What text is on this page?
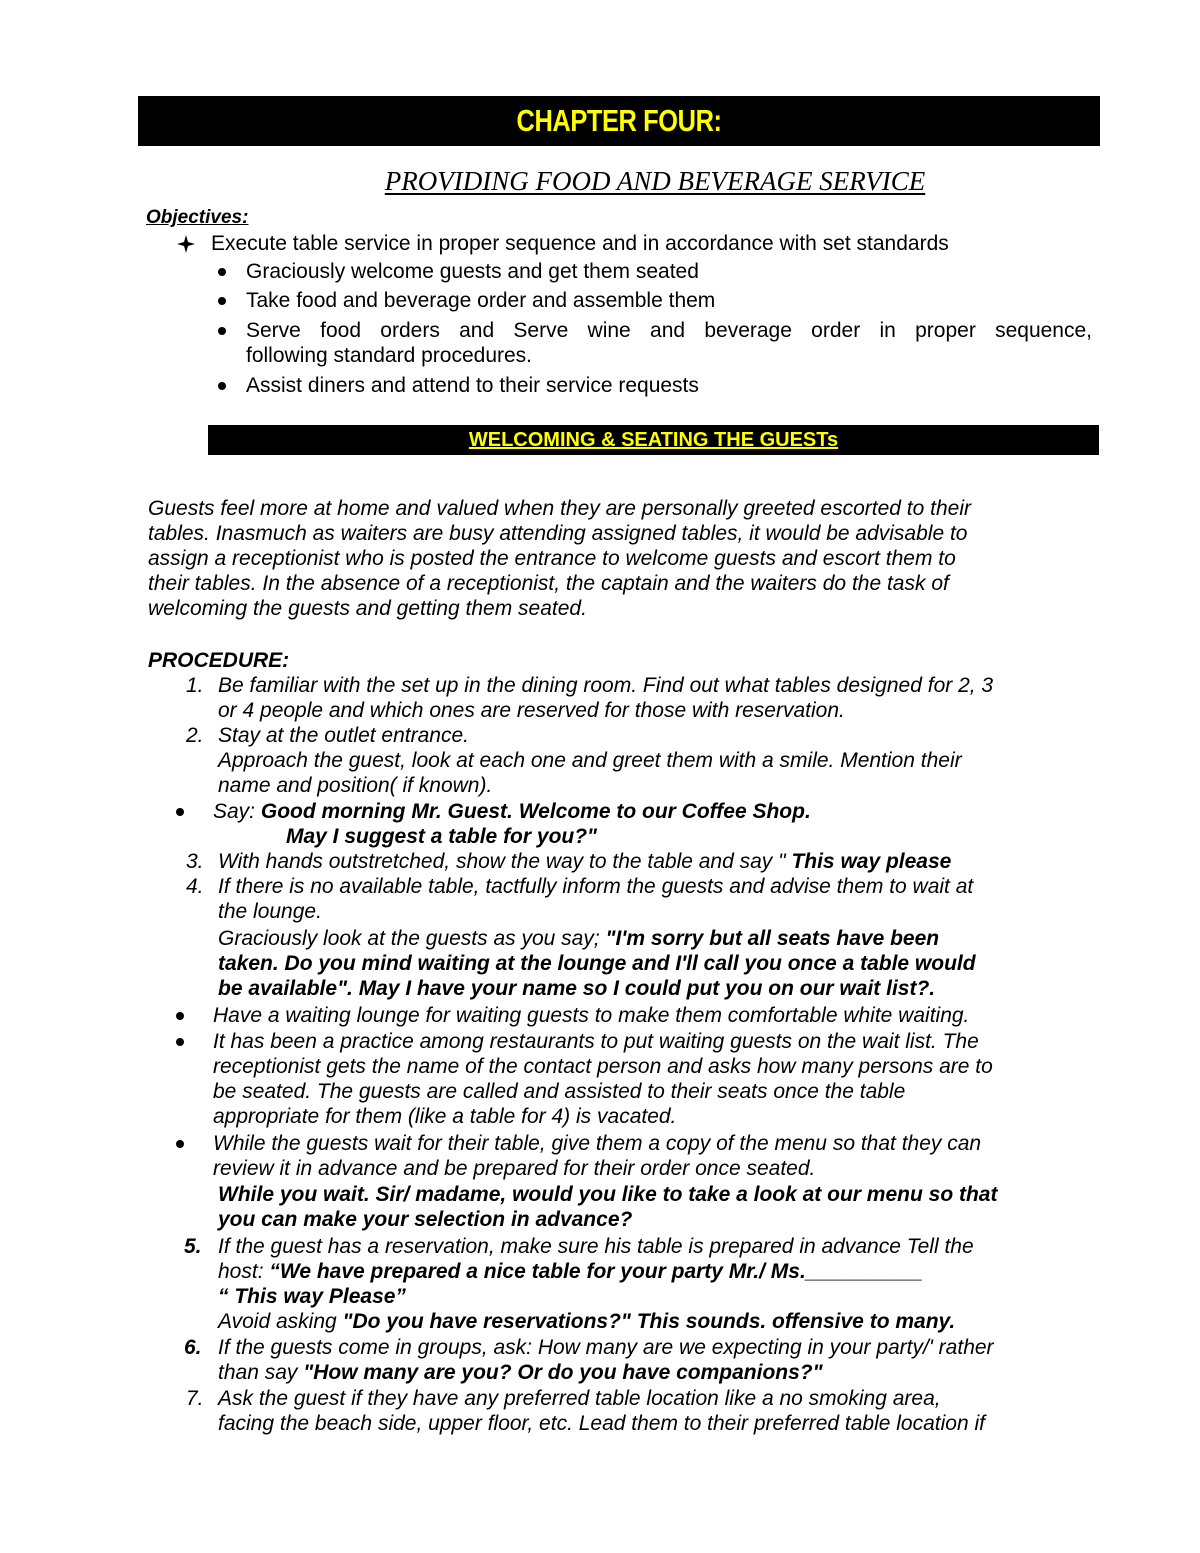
CHAPTER FOUR:
PROVIDING FOOD AND BEVERAGE SERVICE
Objectives:
Execute table service in proper sequence and in accordance with set standards
Graciously welcome guests and get them seated
Take food and beverage order and assemble them
Serve food orders and Serve wine and beverage order in proper sequence,
following standard procedures.
Assist diners and attend to their service requests
WELCOMING & SEATING THE GUESTs
Guests feel more at home and valued when they are personally greeted escorted to their
tables. Inasmuch as waiters are busy attending assigned tables, it would be advisable to
assign a receptionist who is posted the entrance to welcome guests and escort them to
their tables. In the absence of a receptionist, the captain and the waiters do the task of
welcoming the guests and getting them seated.
PROCEDURE:
1. Be familiar with the set up in the dining room. Find out what tables designed for 2, 3
or 4 people and which ones are reserved for those with reservation.
2. Stay at the outlet entrance.
Approach the guest, look at each one and greet them with a smile. Mention their
name and position( if known).
Say: Good morning Mr. Guest. Welcome to our Coffee Shop.
May I suggest a table for you?"
3. With hands outstretched, show the way to the table and say " This way please
4. If there is no available table, tactfully inform the guests and advise them to wait at
the lounge.
Graciously look at the guests as you say; "I'm sorry but all seats have been
taken. Do you mind waiting at the lounge and I'll call you once a table would
be available". May I have your name so I could put you on our wait list?.
Have a waiting lounge for waiting guests to make them comfortable white waiting.
It has been a practice among restaurants to put waiting guests on the wait list. The
receptionist gets the name of the contact person and asks how many persons are to
be seated. The guests are called and assisted to their seats once the table
appropriate for them (like a table for 4) is vacated.
While the guests wait for their table, give them a copy of the menu so that they can
review it in advance and be prepared for their order once seated.
While you wait. Sir/ madame, would you like to take a look at our menu so that
you can make your selection in advance?
5. If the guest has a reservation, make sure his table is prepared in advance Tell the
host: “We have prepared a nice table for your party Mr./ Ms.__________
“ This way Please”
Avoid asking "Do you have reservations?" This sounds. offensive to many.
6. If the guests come in groups, ask: How many are we expecting in your party/' rather
than say "How many are you? Or do you have companions?"
7. Ask the guest if they have any preferred table location like a no smoking area,
facing the beach side, upper floor, etc. Lead them to their preferred table location if
